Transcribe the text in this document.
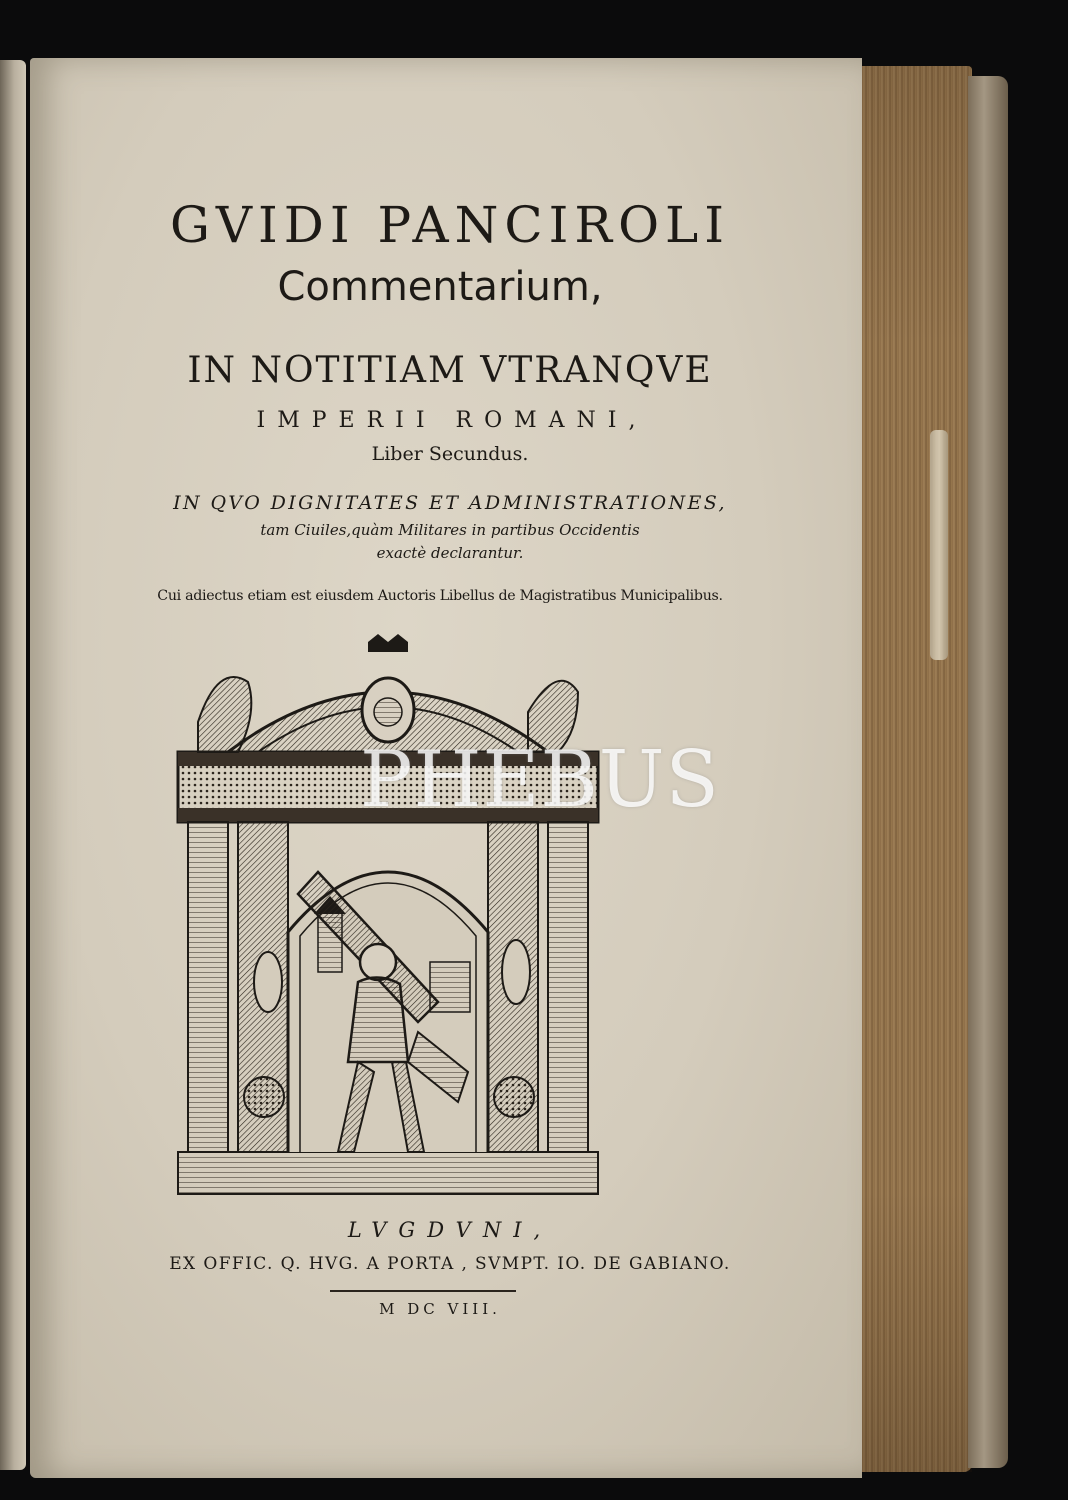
GVIDI PANCIROLI

Commentarium,

IN NOTITIAM VTRANQVE

IMPERII ROMANI,

Liber Secundus.

IN QVO DIGNITATES ET ADMINISTRATIONES,

tam Ciuiles,quàm Militares in partibus Occidentis

exactè declarantur.

Cui adiectus etiam est eiusdem Auctoris Libellus de Magistratibus Municipalibus.

LVGDVNI,

EX OFFIC. Q. HVG. A PORTA , SVMPT. IO. DE GABIANO.

M DC VIII.

PHEBUS
